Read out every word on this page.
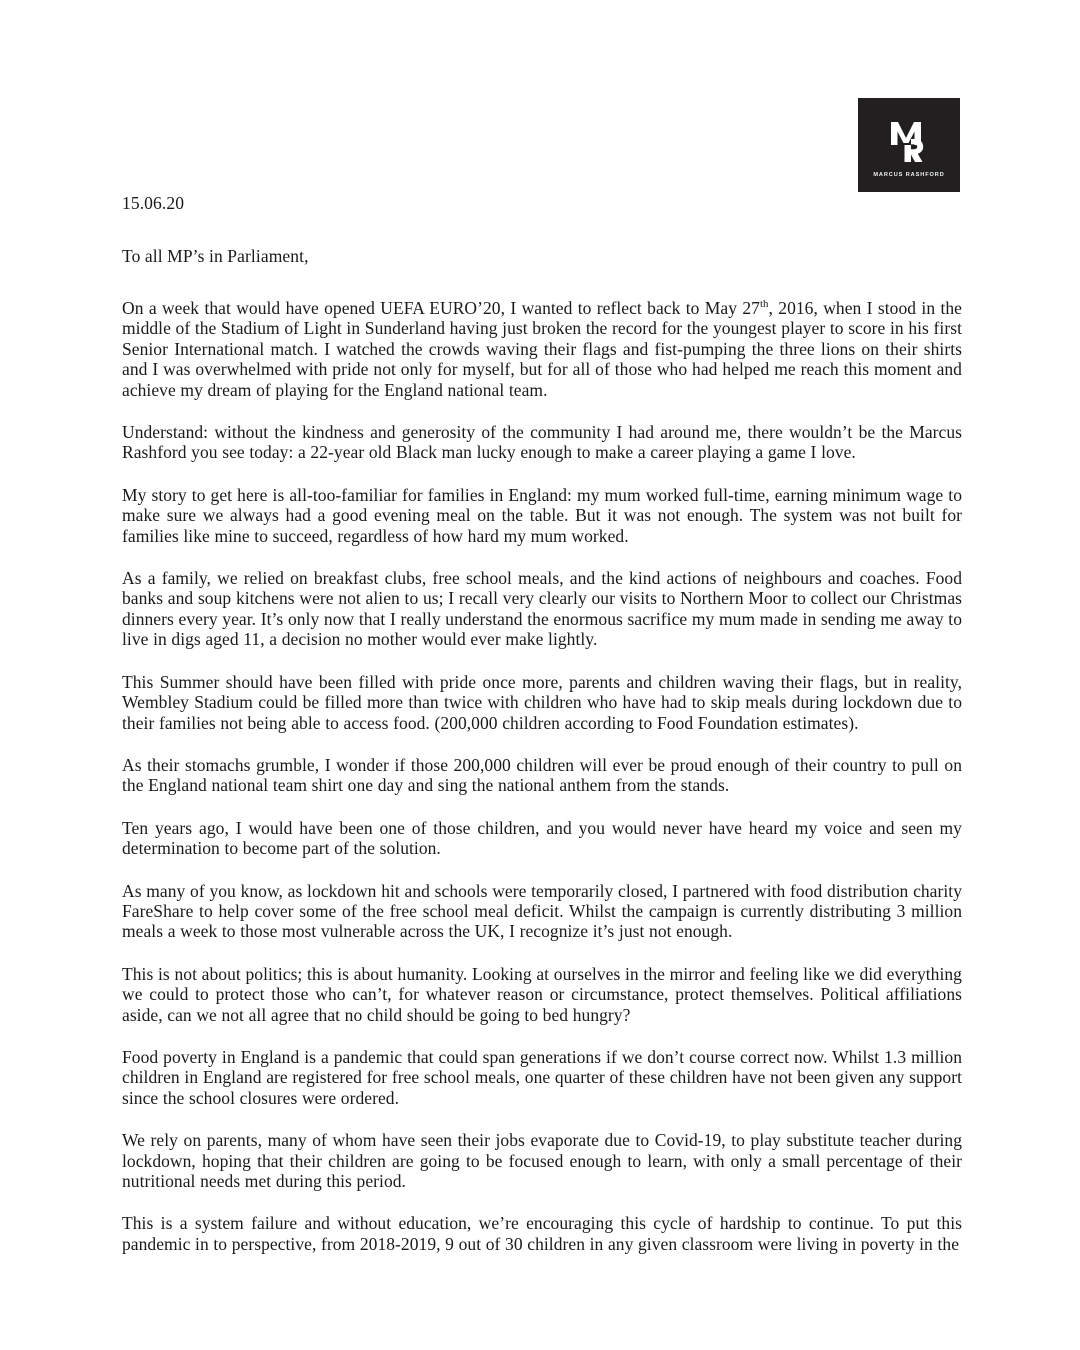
MARCUS RASHFORD
15.06.20
To all MP’s in Parliament,

On a week that would have opened UEFA EURO’20, I wanted to reflect back to May 27th, 2016, when I stood in the middle of the Stadium of Light in Sunderland having just broken the record for the youngest player to score in his first Senior International match. I watched the crowds waving their flags and fist-pumping the three lions on their shirts and I was overwhelmed with pride not only for myself, but for all of those who had helped me reach this moment and achieve my dream of playing for the England national team.

Understand: without the kindness and generosity of the community I had around me, there wouldn’t be the Marcus Rashford you see today: a 22-year old Black man lucky enough to make a career playing a game I love.

My story to get here is all-too-familiar for families in England: my mum worked full-time, earning minimum wage to make sure we always had a good evening meal on the table. But it was not enough. The system was not built for families like mine to succeed, regardless of how hard my mum worked.

As a family, we relied on breakfast clubs, free school meals, and the kind actions of neighbours and coaches. Food banks and soup kitchens were not alien to us; I recall very clearly our visits to Northern Moor to collect our Christmas dinners every year. It’s only now that I really understand the enormous sacrifice my mum made in sending me away to live in digs aged 11, a decision no mother would ever make lightly.

This Summer should have been filled with pride once more, parents and children waving their flags, but in reality, Wembley Stadium could be filled more than twice with children who have had to skip meals during lockdown due to their families not being able to access food. (200,000 children according to Food Foundation estimates).

As their stomachs grumble, I wonder if those 200,000 children will ever be proud enough of their country to pull on the England national team shirt one day and sing the national anthem from the stands.

Ten years ago, I would have been one of those children, and you would never have heard my voice and seen my determination to become part of the solution.

As many of you know, as lockdown hit and schools were temporarily closed, I partnered with food distribution charity FareShare to help cover some of the free school meal deficit. Whilst the campaign is currently distributing 3 million meals a week to those most vulnerable across the UK, I recognize it’s just not enough.

This is not about politics; this is about humanity. Looking at ourselves in the mirror and feeling like we did everything we could to protect those who can’t, for whatever reason or circumstance, protect themselves. Political affiliations aside, can we not all agree that no child should be going to bed hungry?

Food poverty in England is a pandemic that could span generations if we don’t course correct now. Whilst 1.3 million children in England are registered for free school meals, one quarter of these children have not been given any support since the school closures were ordered.

We rely on parents, many of whom have seen their jobs evaporate due to Covid-19, to play substitute teacher during lockdown, hoping that their children are going to be focused enough to learn, with only a small percentage of their nutritional needs met during this period.

This is a system failure and without education, we’re encouraging this cycle of hardship to continue. To put this pandemic in to perspective, from 2018-2019, 9 out of 30 children in any given classroom were living in poverty in the
